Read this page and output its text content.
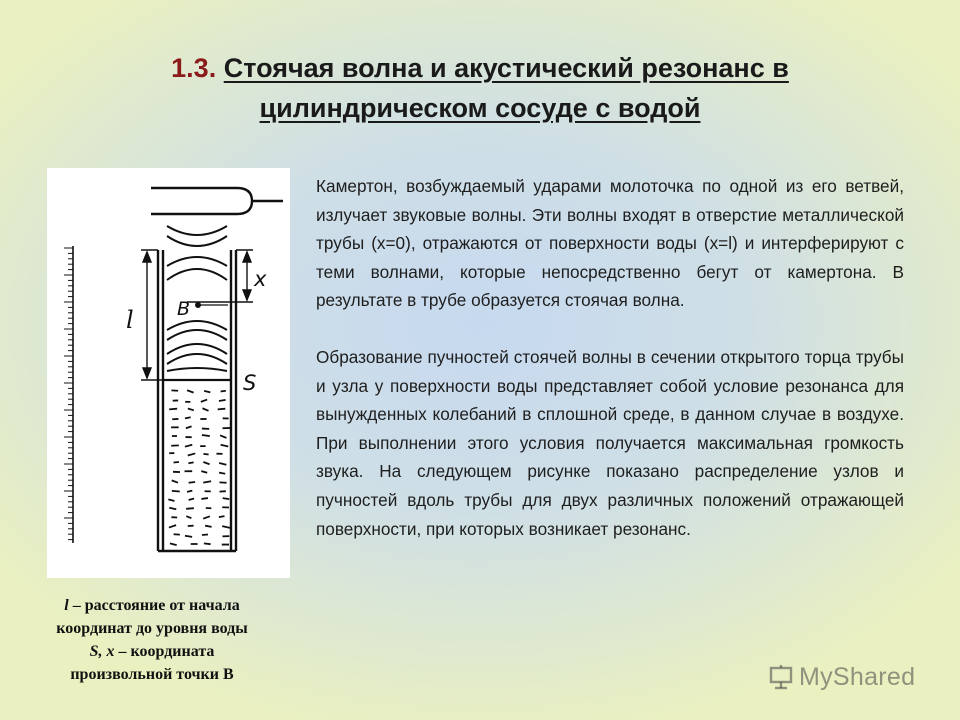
1.3. Стоячая волна и акустический резонанс в
цилиндрическом сосуде с водой
l
x
B
S
l – расстояние от начала
координат до уровня воды
S, x – координата
произвольной точки B

Камертон, возбуждаемый ударами молоточка по одной из его ветвей, излучает звуковые волны. Эти волны входят в отверстие металлической трубы (x=0), отражаются от поверхности воды (x=l) и интерферируют с теми волнами, которые непосредственно бегут от камертона. В результате в трубе образуется стоячая волна.

Образование пучностей стоячей волны в сечении открытого торца трубы и узла у поверхности воды представляет собой условие резонанса для вынужденных колебаний в сплошной среде, в данном случае в воздухе. При выполнении этого условия получается максимальная громкость звука. На следующем рисунке показано распределение узлов и пучностей вдоль трубы для двух различных положений отражающей поверхности, при которых возникает резонанс.

MyShared
